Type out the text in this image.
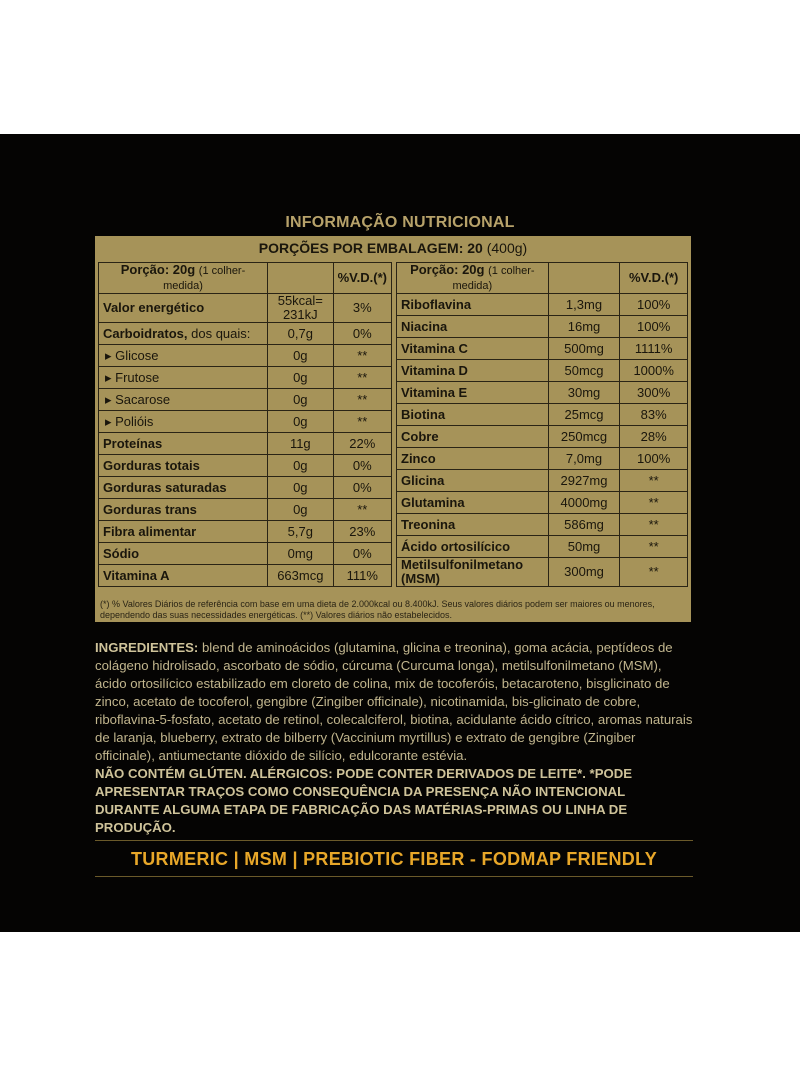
INFORMAÇÃO NUTRICIONAL
PORÇÕES POR EMBALAGEM: 20 (400g)
Porção: 20g (1 colher-medida)		%V.D.(*)
Valor energético	55kcal=
231kJ	3%
Carboidratos, dos quais:	0,7g	0%
▸ Glicose	0g	**
▸ Frutose	0g	**
▸ Sacarose	0g	**
▸ Polióis	0g	**
Proteínas	11g	22%
Gorduras totais	0g	0%
Gorduras saturadas	0g	0%
Gorduras trans	0g	**
Fibra alimentar	5,7g	23%
Sódio	0mg	0%
Vitamina A	663mcg	111%
Porção: 20g (1 colher-medida)		%V.D.(*)
Riboflavina	1,3mg	100%
Niacina	16mg	100%
Vitamina C	500mg	1111%
Vitamina D	50mcg	1000%
Vitamina E	30mg	300%
Biotina	25mcg	83%
Cobre	250mcg	28%
Zinco	7,0mg	100%
Glicina	2927mg	**
Glutamina	4000mg	**
Treonina	586mg	**
Ácido ortosilícico	50mg	**
Metilsulfonilmetano
(MSM)	300mg	**
(*) % Valores Diários de referência com base em uma dieta de 2.000kcal ou 8.400kJ. Seus valores diários podem ser maiores ou menores, dependendo das suas necessidades energéticas. (**) Valores diários não estabelecidos.
INGREDIENTES: blend de aminoácidos (glutamina, glicina e treonina), goma acácia, peptídeos de colágeno hidrolisado, ascorbato de sódio, cúrcuma (Curcuma longa), metilsulfonilmetano (MSM), ácido ortosilícico estabilizado em cloreto de colina, mix de tocoferóis, betacaroteno, bisglicinato de zinco, acetato de tocoferol, gengibre (Zingiber officinale), nicotinamida, bis-glicinato de cobre, riboflavina-5-fosfato, acetato de retinol, colecalciferol, biotina, acidulante ácido cítrico, aromas naturais de laranja, blueberry, extrato de bilberry (Vaccinium myrtillus) e extrato de gengibre (Zingiber officinale), antiumectante dióxido de silício, edulcorante estévia.
NÃO CONTÉM GLÚTEN. ALÉRGICOS: PODE CONTER DERIVADOS DE LEITE*. *PODE APRESENTAR TRAÇOS COMO CONSEQUÊNCIA DA PRESENÇA NÃO INTENCIONAL DURANTE ALGUMA ETAPA DE FABRICAÇÃO DAS MATÉRIAS-PRIMAS OU LINHA DE PRODUÇÃO.
TURMERIC | MSM | PREBIOTIC FIBER - FODMAP FRIENDLY
